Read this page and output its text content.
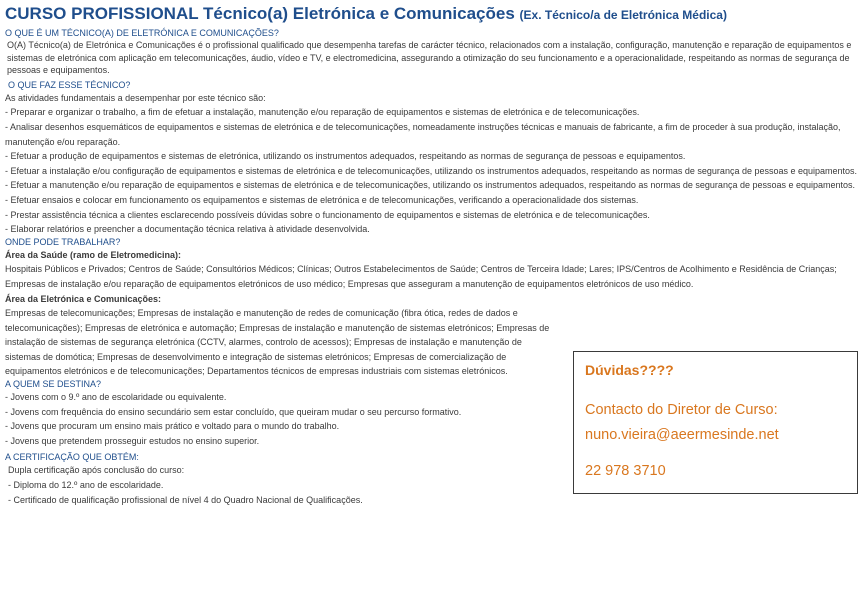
CURSO PROFISSIONAL Técnico(a) Eletrónica e Comunicações (Ex. Técnico/a de Eletrónica Médica)

O QUE É UM TÉCNICO(A) DE ELETRÓNICA E COMUNICAÇÕES?

O(A) Técnico(a) de Eletrónica e Comunicações é o profissional qualificado que desempenha tarefas de carácter técnico, relacionados com a instalação, configuração, manutenção e reparação de equipamentos e sistemas de eletrónica com aplicação em telecomunicações, áudio, vídeo e TV, e electromedicina, assegurando a otimização do seu funcionamento e a operacionalidade, respeitando as normas de segurança de pessoas e equipamentos.

O QUE FAZ ESSE TÉCNICO?

As atividades fundamentais a desempenhar por este técnico são:

- Preparar e organizar o trabalho, a fim de efetuar a instalação, manutenção e/ou reparação de equipamentos e sistemas de eletrónica e de telecomunicações.
- Analisar desenhos esquemáticos de equipamentos e sistemas de eletrónica e de telecomunicações, nomeadamente instruções técnicas e manuais de fabricante, a fim de proceder à sua produção, instalação, manutenção e/ou reparação.
- Efetuar a produção de equipamentos e sistemas de eletrónica, utilizando os instrumentos adequados, respeitando as normas de segurança de pessoas e equipamentos.
- Efetuar a instalação e/ou configuração de equipamentos e sistemas de eletrónica e de telecomunicações, utilizando os instrumentos adequados, respeitando as normas de segurança de pessoas e equipamentos.
- Efetuar a manutenção e/ou reparação de equipamentos e sistemas de eletrónica e de telecomunicações, utilizando os instrumentos adequados, respeitando as normas de segurança de pessoas e equipamentos.
- Efetuar ensaios e colocar em funcionamento os equipamentos e sistemas de eletrónica e de telecomunicações, verificando a operacionalidade dos sistemas.
- Prestar assistência técnica a clientes esclarecendo possíveis dúvidas sobre o funcionamento de equipamentos e sistemas de eletrónica e de telecomunicações.
- Elaborar relatórios e preencher a documentação técnica relativa à atividade desenvolvida.

ONDE PODE TRABALHAR?

Área da Saúde (ramo de Eletromedicina):

Hospitais Públicos e Privados; Centros de Saúde; Consultórios Médicos; Clínicas; Outros Estabelecimentos de Saúde; Centros de Terceira Idade; Lares; IPS/Centros de Acolhimento e Residência de Crianças; Empresas de instalação e/ou reparação de equipamentos eletrónicos de uso médico; Empresas que asseguram a manutenção de equipamentos eletrónicos de uso médico.

Área da Eletrónica e Comunicações:

Empresas de telecomunicações; Empresas de instalação e manutenção de redes de comunicação (fibra ótica, redes de dados e telecomunicações); Empresas de eletrónica e automação; Empresas de instalação e manutenção de sistemas eletrónicos; Empresas de instalação de sistemas de segurança eletrónica (CCTV, alarmes, controlo de acessos); Empresas de instalação e manutenção de sistemas de domótica; Empresas de desenvolvimento e integração de sistemas eletrónicos; Empresas de comercialização de equipamentos eletrónicos e de telecomunicações; Departamentos técnicos de empresas industriais com sistemas eletrónicos.

A QUEM SE DESTINA?

- Jovens com o 9.º ano de escolaridade ou equivalente.
- Jovens com frequência do ensino secundário sem estar concluído, que queiram mudar o seu percurso formativo.
- Jovens que procuram um ensino mais prático e voltado para o mundo do trabalho.
- Jovens que pretendem prosseguir estudos no ensino superior.

A CERTIFICAÇÃO QUE OBTÉM:

Dupla certificação após conclusão do curso:

- Diploma do 12.º ano de escolaridade.
- Certificado de qualificação profissional de nível 4 do Quadro Nacional de Qualificações.

Dúvidas????

Contacto do Diretor de Curso:

nuno.vieira@aeermesinde.net

22 978 3710
